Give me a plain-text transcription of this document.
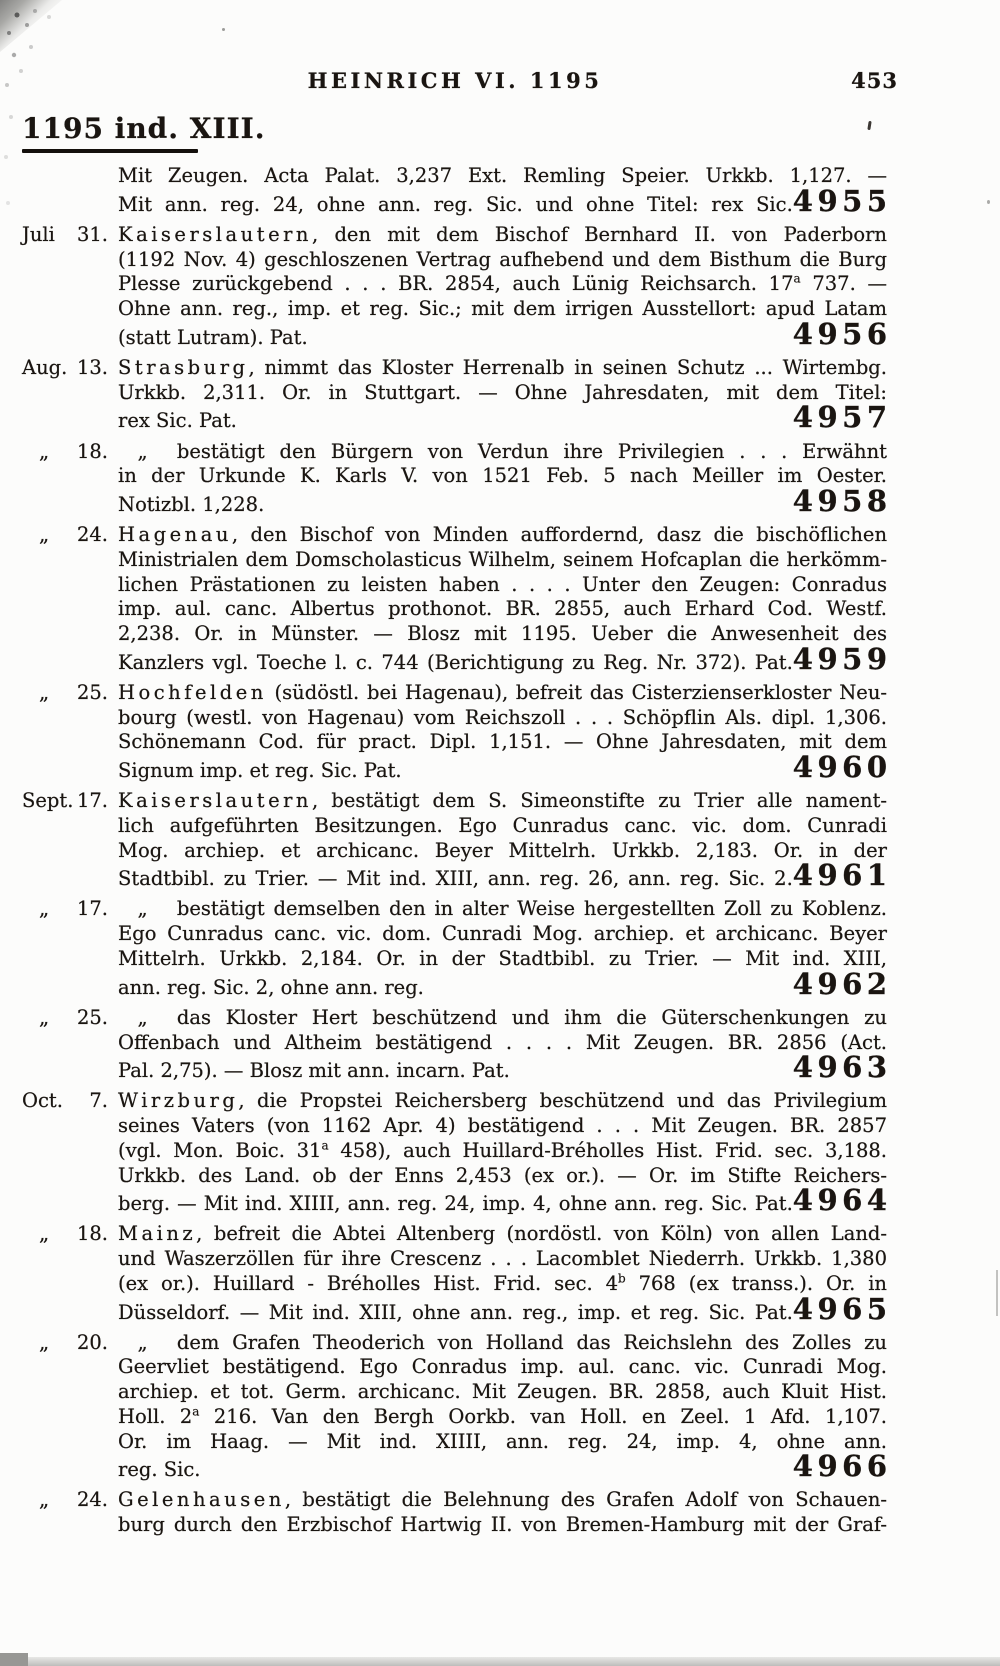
HEINRICH VI. 1195	453
1195 ind. XIII.
Mit Zeugen. Acta Palat. 3,237 Ext. Remling Speier. Urkkb. 1,127. —
Mit ann. reg. 24, ohne ann. reg. Sic. und ohne Titel: rex Sic. 4955
Juli 31. Kaiserslautern, den mit dem Bischof Bernhard II. von Paderborn
(1192 Nov. 4) geschloszenen Vertrag aufhebend und dem Bisthum die Burg
Plesse zurückgebend . . . BR. 2854, auch Lünig Reichsarch. 17$^a$ 737. —
Ohne ann. reg., imp. et reg. Sic.; mit dem irrigen Ausstellort: apud Latam
(statt Lutram). Pat.	4956
Aug. 13. Strasburg, nimmt das Kloster Herrenalb in seinen Schutz ... Wirtembg.
Urkkb. 2,311. Or. in Stuttgart. — Ohne Jahresdaten, mit dem Titel:
rex Sic. Pat.	4957
„ 18.  „  bestätigt den Bürgern von Verdun ihre Privilegien . . . Erwähnt
in der Urkunde K. Karls V. von 1521 Feb. 5 nach Meiller im Oester.
Notizbl. 1,228.	4958
„ 24. Hagenau, den Bischof von Minden auffordernd, dasz die bischöflichen
Ministrialen dem Domscholasticus Wilhelm, seinem Hofcaplan die herkömm-
lichen Prästationen zu leisten haben . . . . Unter den Zeugen: Conradus
imp. aul. canc. Albertus prothonot. BR. 2855, auch Erhard Cod. Westf.
2,238. Or. in Münster. — Blosz mit 1195. Ueber die Anwesenheit des
Kanzlers vgl. Toeche l. c. 744 (Berichtigung zu Reg. Nr. 372). Pat. 4959
„ 25. Hochfelden (südöstl. bei Hagenau), befreit das Cisterzienserkloster Neu-
bourg (westl. von Hagenau) vom Reichszoll . . . Schöpflin Als. dipl. 1,306.
Schönemann Cod. für pract. Dipl. 1,151. — Ohne Jahresdaten, mit dem
Signum imp. et reg. Sic. Pat.	4960
Sept. 17. Kaiserslautern, bestätigt dem S. Simeonstifte zu Trier alle nament-
lich aufgeführten Besitzungen. Ego Cunradus canc. vic. dom. Cunradi
Mog. archiep. et archicanc. Beyer Mittelrh. Urkkb. 2,183. Or. in der
Stadtbibl. zu Trier. — Mit ind. XIII, ann. reg. 26, ann. reg. Sic. 2. 4961
„ 17.  „  bestätigt demselben den in alter Weise hergestellten Zoll zu Koblenz.
Ego Cunradus canc. vic. dom. Cunradi Mog. archiep. et archicanc. Beyer
Mittelrh. Urkkb. 2,184. Or. in der Stadtbibl. zu Trier. — Mit ind. XIII,
ann. reg. Sic. 2, ohne ann. reg.	4962
„ 25.  „  das Kloster Hert beschützend und ihm die Güterschenkungen zu
Offenbach und Altheim bestätigend . . . . Mit Zeugen. BR. 2856 (Act.
Pal. 2,75). — Blosz mit ann. incarn. Pat.	4963
Oct. 7. Wirzburg, die Propstei Reichersberg beschützend und das Privilegium
seines Vaters (von 1162 Apr. 4) bestätigend . . . Mit Zeugen. BR. 2857
(vgl. Mon. Boic. 31$^a$ 458), auch Huillard-Bréholles Hist. Frid. sec. 3,188.
Urkkb. des Land. ob der Enns 2,453 (ex or.). — Or. im Stifte Reichers-
berg. — Mit ind. XIIII, ann. reg. 24, imp. 4, ohne ann. reg. Sic. Pat. 4964
„ 18. Mainz, befreit die Abtei Altenberg (nordöstl. von Köln) von allen Land-
und Waszerzöllen für ihre Crescenz . . . Lacomblet Niederrh. Urkkb. 1,380
(ex or.). Huillard - Bréholles Hist. Frid. sec. 4$^b$ 768 (ex transs.). Or. in
Düsseldorf. — Mit ind. XIII, ohne ann. reg., imp. et reg. Sic. Pat. 4965
„ 20.  „  dem Grafen Theoderich von Holland das Reichslehn des Zolles zu
Geervliet bestätigend. Ego Conradus imp. aul. canc. vic. Cunradi Mog.
archiep. et tot. Germ. archicanc. Mit Zeugen. BR. 2858, auch Kluit Hist.
Holl. 2$^a$ 216. Van den Bergh Oorkb. van Holl. en Zeel. 1 Afd. 1,107.
Or. im Haag. — Mit ind. XIIII, ann. reg. 24, imp. 4, ohne ann.
reg. Sic.	4966
„ 24. Gelenhausen, bestätigt die Belehnung des Grafen Adolf von Schauen-
burg durch den Erzbischof Hartwig II. von Bremen-Hamburg mit der Graf-
